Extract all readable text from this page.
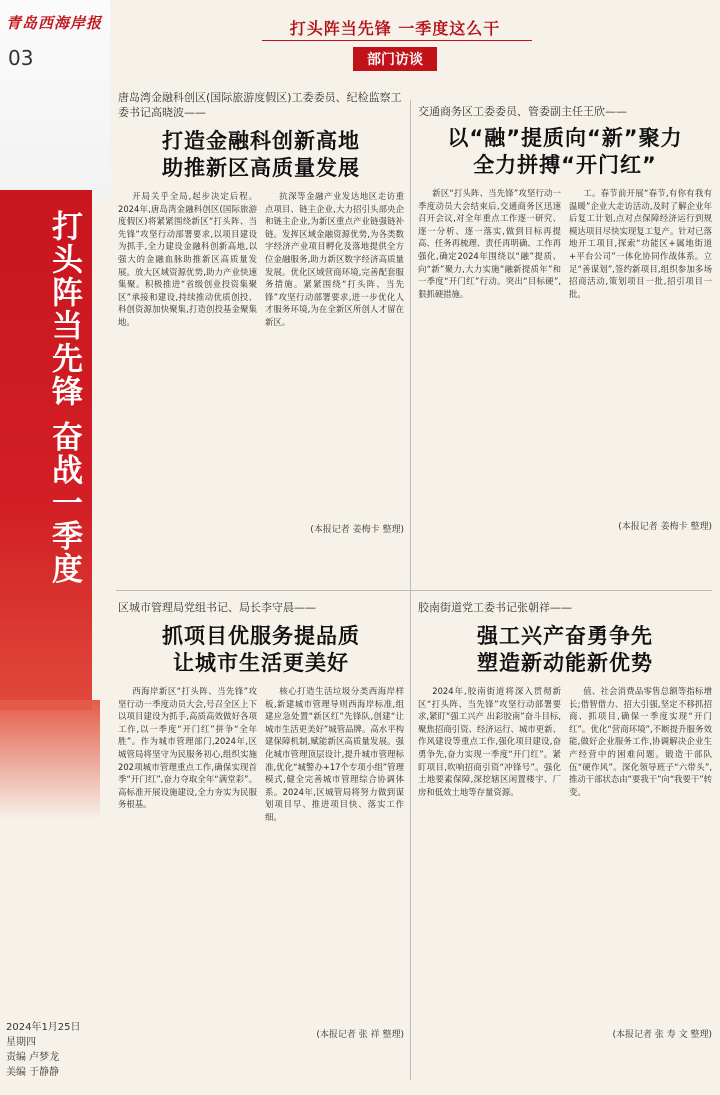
青岛西海岸报
03
打头阵当先锋 奋战一季度
2024年1月25日
星期四
责编 卢梦龙
美编 于静静
打头阵当先锋 一季度这么干
部门访谈
唐岛湾金融科创区(国际旅游度假区)工委委员、纪检监察工委书记高晓波——
打造金融科创新高地
助推新区高质量发展
开局关乎全局,起步决定后程。2024年,唐岛湾金融科创区(国际旅游度假区)将紧紧围绕新区“打头阵、当先锋”攻坚行动部署要求,以项目建设为抓手,全力建设金融科创新高地,以强大的金融血脉助推新区高质量发展。放大区域资源优势,助力产业快速集聚。积极推进“省级创业投资集聚区”承接和建设,持续推动优质创投、科创资源加快聚集,打造创投基金聚集地。
抗深等金融产业发达地区走访重点项目、链主企业,大力招引头部央企和链主企业,为新区重点产业链强链补链。发挥区域金融资源优势,为各类数字经济产业项目孵化及落地提供全方位金融服务,助力新区数字经济高质量发展。优化区域营商环境,完善配套服务措施。紧紧围绕“打头阵、当先锋”攻坚行动部署要求,进一步优化人才服务环境,为在全新区所创人才留在新区。
(本报记者 姜梅卡 整理)
交通商务区工委委员、管委副主任王欣——
以“融”提质向“新”聚力
全力拼搏“开门红”
新区“打头阵、当先锋”攻坚行动一季度动员大会结束后,交通商务区迅速召开会议,对全年重点工作逐一研究、逐一分析、逐一落实,做到目标再提高、任务再梳理、责任再明确、工作再强化,确定2024年围绕以“融”提质、向“新”聚力,大力实施“融新提质年”和一季度“开门红”行动。突出“目标硬”,狠抓硬措施。
工。春节前开展“春节,有你有我有温暖”企业大走访活动,及时了解企业年后复工计划,点对点保障经济运行到规模达项目尽快实现复工复产。针对已落地开工项目,探索“功能区+属地街道+平台公司”一体化协同作战体系。立足“善谋划”,签约新项目,组织参加多场招商活动,策划项目一批,招引项目一批。
(本报记者 姜梅卡 整理)
区城市管理局党组书记、局长李守晨——
抓项目优服务提品质
让城市生活更美好
西海岸新区“打头阵、当先锋”攻坚行动一季度动员大会,号召全区上下以项目建设为抓手,高质高效做好各项工作,以一季度“开门红”拼争“全年胜”。作为城市管理部门,2024年,区城管局将坚守为民服务初心,组织实施202项城市管理重点工作,确保实现首季“开门红”,奋力夺取全年“满堂彩”。高标准开展设施建设,全力夯实为民服务根基。
核心打造生活垃圾分类西海岸样板,新建城市管理导则西海岸标准,组建应急处置“新区红”先锋队,创建“让城市生活更美好”城管品牌。高水平构建保障机制,赋能新区高质量发展。强化城市管理顶层设计,提升城市管理标准,优化“城警办+17个专项小组”管理模式,健全完善城市管理综合协调体系。2024年,区城管局将努力做到谋划项目早、推进项目快、落实工作细。
(本报记者 张 祥 整理)
胶南街道党工委书记张朝祥——
强工兴产奋勇争先
塑造新动能新优势
2024年,胶南街道将深入贯彻新区“打头阵、当先锋”攻坚行动部署要求,紧盯“强工兴产 出彩胶南”奋斗目标,聚焦招商引资、经济运行、城市更新、作风建设等重点工作,强化项目建设,奋勇争先,奋力实现一季度“开门红”。紧盯项目,吹响招商引资“冲锋号”。强化土地要素保障,深挖辖区闲置楼宇、厂房和低效土地等存量资源。
值、社会消费品零售总额等指标增长;借智借力、招大引强,坚定不移抓招商、抓项目,确保一季度实现“开门红”。优化“营商环境”,不断提升服务效能,做好企业服务工作,协调解决企业生产经营中的困难问题。锻造干部队伍“硬作风”。深化领导班子“六带头”,推动干部状态由“要我干”向“我要干”转变。
(本报记者 张 寿 文 整理)
